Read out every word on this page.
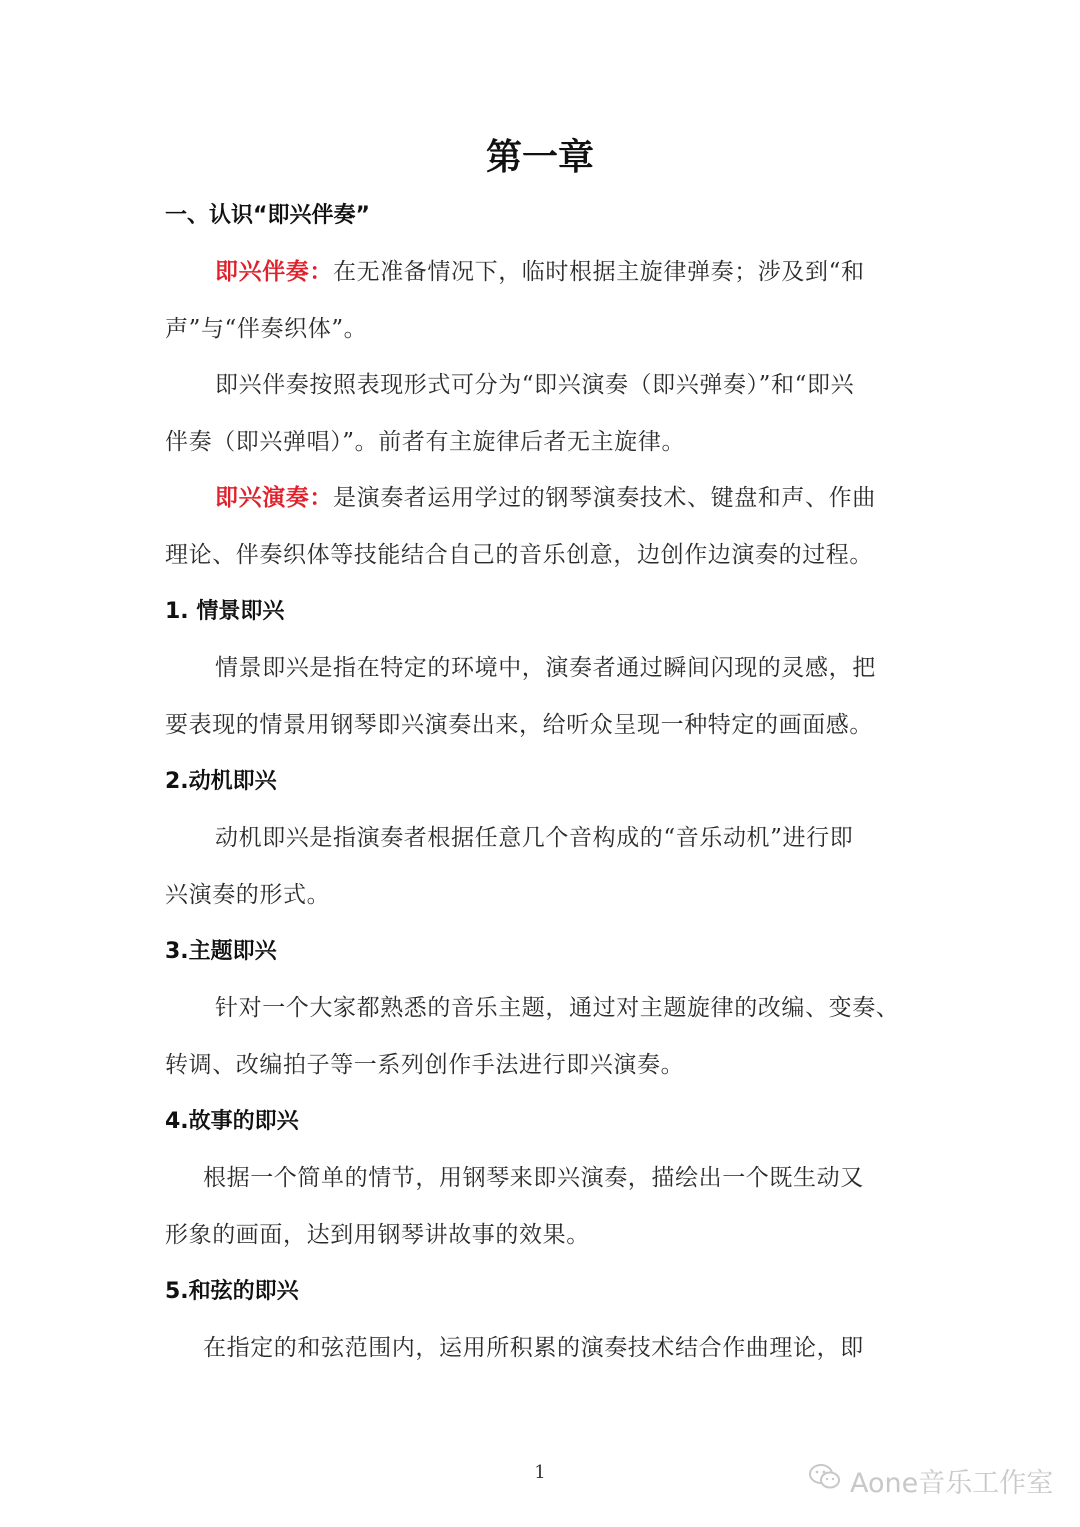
第一章
一、认识“即兴伴奏”
即兴伴奏：在无准备情况下，临时根据主旋律弹奏；涉及到“和
声”与“伴奏织体”。
即兴伴奏按照表现形式可分为“即兴演奏（即兴弹奏）”和“即兴
伴奏（即兴弹唱）”。前者有主旋律后者无主旋律。
即兴演奏：是演奏者运用学过的钢琴演奏技术、键盘和声、作曲
理论、伴奏织体等技能结合自己的音乐创意，边创作边演奏的过程。
1. 情景即兴
情景即兴是指在特定的环境中，演奏者通过瞬间闪现的灵感，把
要表现的情景用钢琴即兴演奏出来，给听众呈现一种特定的画面感。
2.动机即兴
动机即兴是指演奏者根据任意几个音构成的“音乐动机”进行即
兴演奏的形式。
3.主题即兴
针对一个大家都熟悉的音乐主题，通过对主题旋律的改编、变奏、
转调、改编拍子等一系列创作手法进行即兴演奏。
4.故事的即兴
根据一个简单的情节，用钢琴来即兴演奏，描绘出一个既生动又
形象的画面，达到用钢琴讲故事的效果。
5.和弦的即兴
在指定的和弦范围内，运用所积累的演奏技术结合作曲理论，即
1	Aone音乐工作室
